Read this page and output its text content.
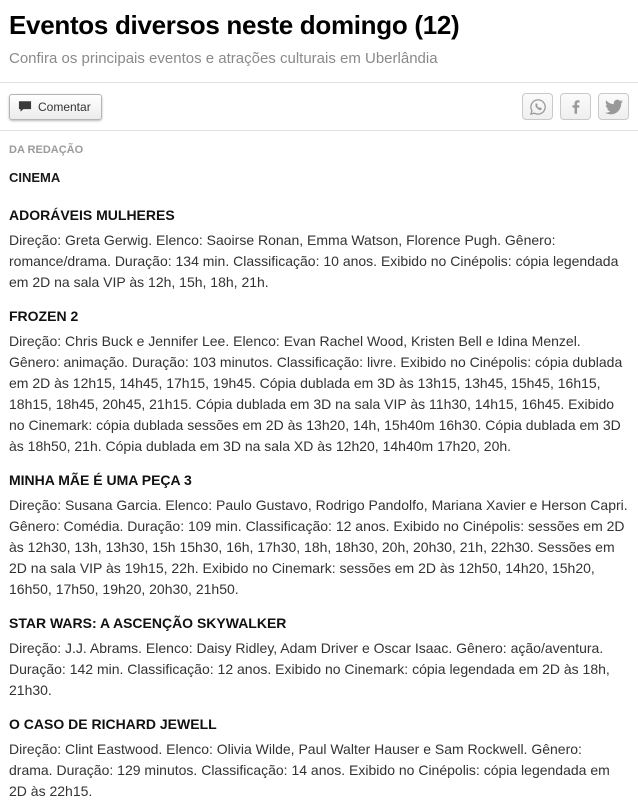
Eventos diversos neste domingo (12)

Confira os principais eventos e atrações culturais em Uberlândia

Comentar
DA REDAÇÃO
CINEMA
ADORÁVEIS MULHERES

Direção: Greta Gerwig. Elenco: Saoirse Ronan, Emma Watson, Florence Pugh. Gênero: romance/drama. Duração: 134 min. Classificação: 10 anos. Exibido no Cinépolis: cópia legendada em 2D na sala VIP às 12h, 15h, 18h, 21h.

FROZEN 2

Direção: Chris Buck e Jennifer Lee. Elenco: Evan Rachel Wood, Kristen Bell e Idina Menzel. Gênero: animação. Duração: 103 minutos. Classificação: livre. Exibido no Cinépolis: cópia dublada em 2D às 12h15, 14h45, 17h15, 19h45. Cópia dublada em 3D às 13h15, 13h45, 15h45, 16h15, 18h15, 18h45, 20h45, 21h15. Cópia dublada em 3D na sala VIP às 11h30, 14h15, 16h45. Exibido no Cinemark: cópia dublada sessões em 2D às 13h20, 14h, 15h40m 16h30. Cópia dublada em 3D às 18h50, 21h. Cópia dublada em 3D na sala XD às 12h20, 14h40m 17h20, 20h.

MINHA MÃE É UMA PEÇA 3

Direção: Susana Garcia. Elenco: Paulo Gustavo, Rodrigo Pandolfo, Mariana Xavier e Herson Capri. Gênero: Comédia. Duração: 109 min. Classificação: 12 anos. Exibido no Cinépolis: sessões em 2D às 12h30, 13h, 13h30, 15h 15h30, 16h, 17h30, 18h, 18h30, 20h, 20h30, 21h, 22h30. Sessões em 2D na sala VIP às 19h15, 22h. Exibido no Cinemark: sessões em 2D às 12h50, 14h20, 15h20, 16h50, 17h50, 19h20, 20h30, 21h50.

STAR WARS: A ASCENÇÃO SKYWALKER

Direção: J.J. Abrams. Elenco: Daisy Ridley, Adam Driver e Oscar Isaac. Gênero: ação/aventura. Duração: 142 min. Classificação: 12 anos. Exibido no Cinemark: cópia legendada em 2D às 18h, 21h30.

O CASO DE RICHARD JEWELL

Direção: Clint Eastwood. Elenco: Olivia Wilde, Paul Walter Hauser e Sam Rockwell. Gênero: drama. Duração: 129 minutos. Classificação: 14 anos. Exibido no Cinépolis: cópia legendada em 2D às 22h15.
